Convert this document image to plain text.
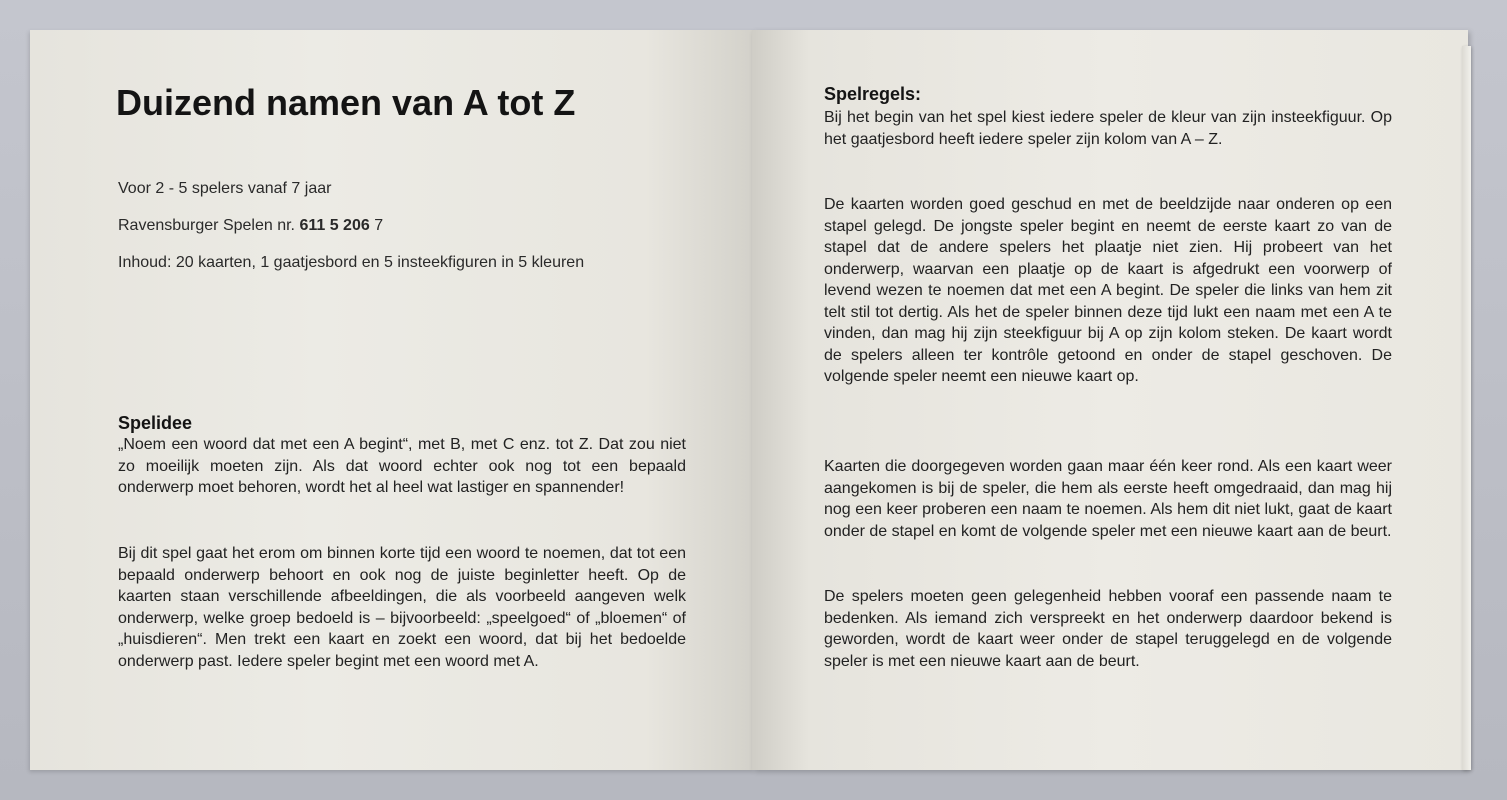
Duizend namen van A tot Z
Voor 2 - 5 spelers vanaf 7 jaar
Ravensburger Spelen nr. 611 5 206 7
Inhoud: 20 kaarten, 1 gaatjesbord en 5 insteekfiguren in 5 kleuren
Spelidee

„Noem een woord dat met een A begint“, met B, met C enz. tot Z. Dat zou niet zo moeilijk moeten zijn. Als dat woord echter ook nog tot een bepaald onderwerp moet behoren, wordt het al heel wat lastiger en spannender!

Bij dit spel gaat het erom om binnen korte tijd een woord te noemen, dat tot een bepaald onderwerp behoort en ook nog de juiste beginletter heeft. Op de kaarten staan verschillende afbeeldingen, die als voorbeeld aangeven welk onderwerp, welke groep bedoeld is – bijvoorbeeld: „speelgoed“ of „bloemen“ of „huisdieren“. Men trekt een kaart en zoekt een woord, dat bij het bedoelde onderwerp past. Iedere speler begint met een woord met A.

Spelregels:

Bij het begin van het spel kiest iedere speler de kleur van zijn insteekfiguur. Op het gaatjesbord heeft iedere speler zijn kolom van A – Z.

De kaarten worden goed geschud en met de beeldzijde naar onderen op een stapel gelegd. De jongste speler begint en neemt de eerste kaart zo van de stapel dat de andere spelers het plaatje niet zien. Hij probeert van het onderwerp, waarvan een plaatje op de kaart is afgedrukt een voorwerp of levend wezen te noemen dat met een A begint. De speler die links van hem zit telt stil tot dertig. Als het de speler binnen deze tijd lukt een naam met een A te vinden, dan mag hij zijn steekfiguur bij A op zijn kolom steken. De kaart wordt de spelers alleen ter kontrôle getoond en onder de stapel geschoven. De volgende speler neemt een nieuwe kaart op.

Kaarten die doorgegeven worden gaan maar één keer rond. Als een kaart weer aangekomen is bij de speler, die hem als eerste heeft omgedraaid, dan mag hij nog een keer proberen een naam te noemen. Als hem dit niet lukt, gaat de kaart onder de stapel en komt de volgende speler met een nieuwe kaart aan de beurt.

De spelers moeten geen gelegenheid hebben vooraf een passende naam te bedenken. Als iemand zich verspreekt en het onderwerp daardoor bekend is geworden, wordt de kaart weer onder de stapel teruggelegd en de volgende speler is met een nieuwe kaart aan de beurt.
